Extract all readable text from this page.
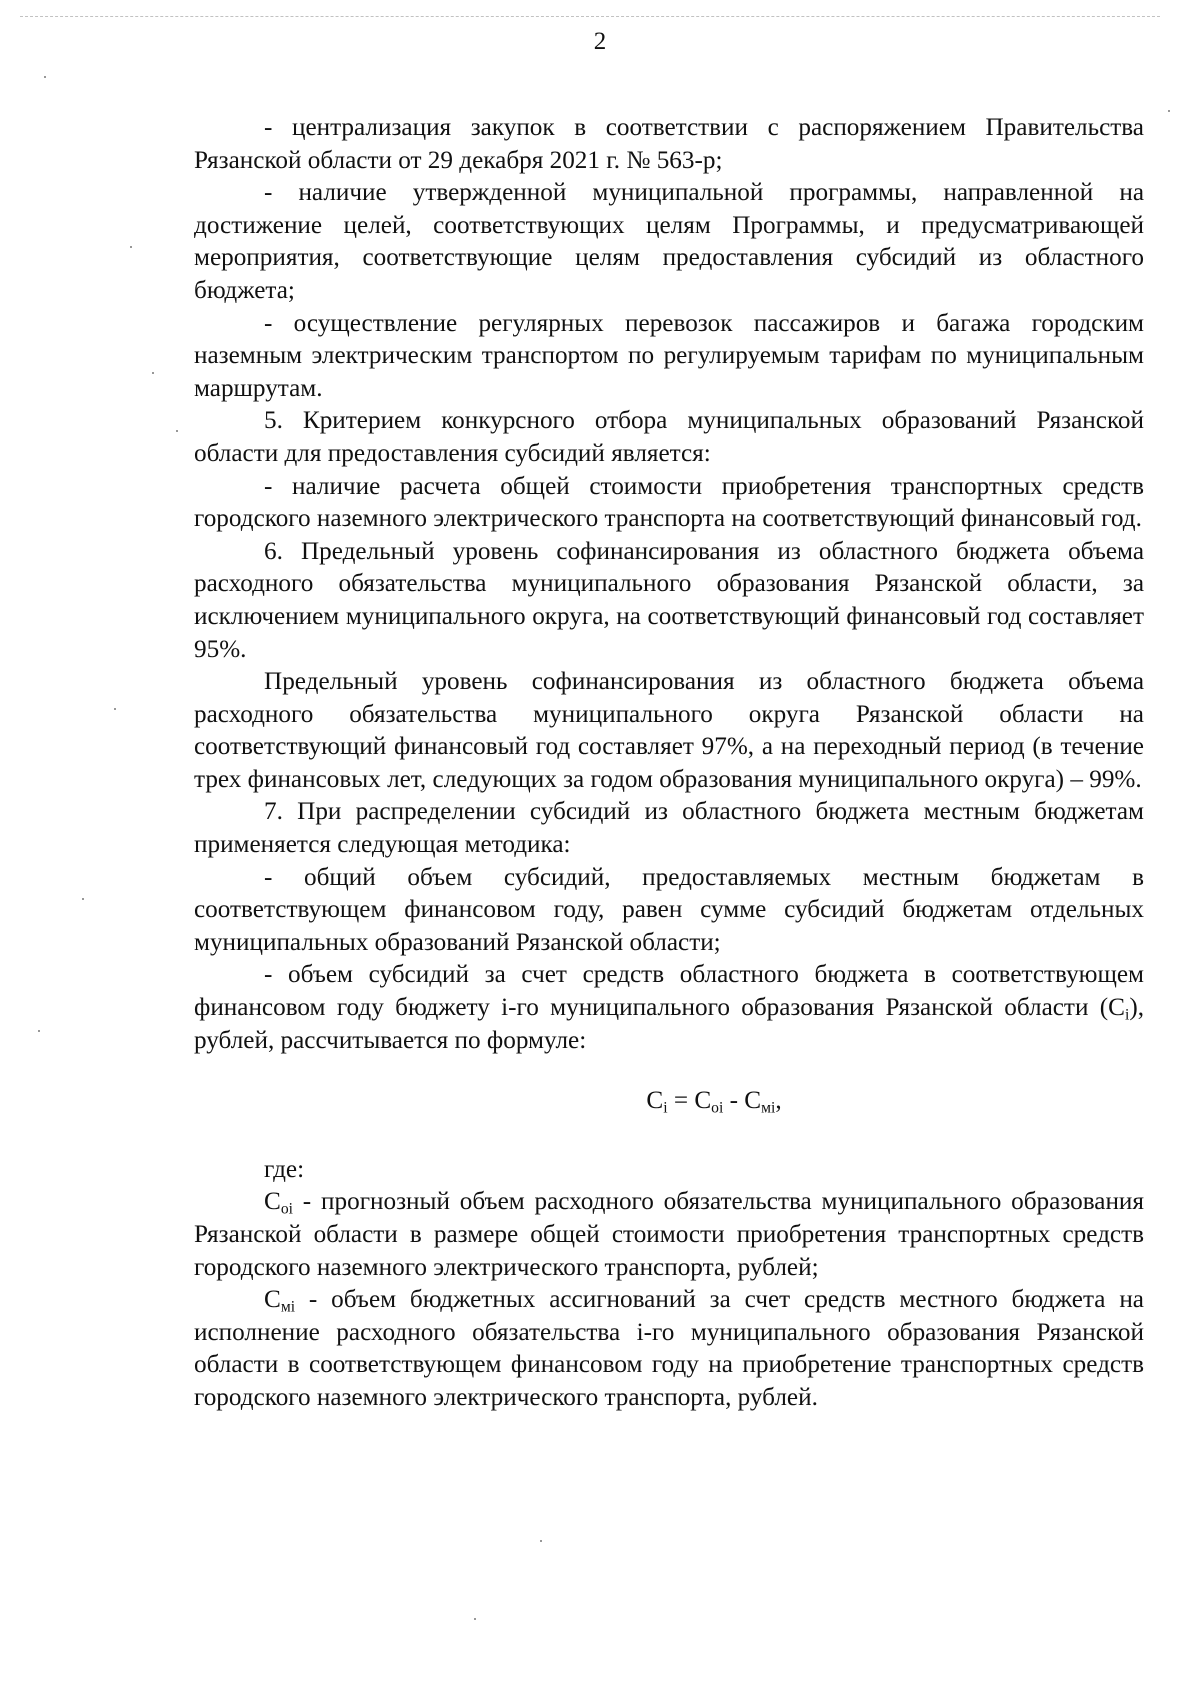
2

- централизация закупок в соответствии с распоряжением Правительства Рязанской области от 29 декабря 2021 г. № 563-р;

- наличие утвержденной муниципальной программы, направленной на достижение целей, соответствующих целям Программы, и предусматривающей мероприятия, соответствующие целям предоставления субсидий из областного бюджета;

- осуществление регулярных перевозок пассажиров и багажа городским наземным электрическим транспортом по регулируемым тарифам по муниципальным маршрутам.

5. Критерием конкурсного отбора муниципальных образований Рязанской области для предоставления субсидий является:

- наличие расчета общей стоимости приобретения транспортных средств городского наземного электрического транспорта на соответствующий финансовый год.

6. Предельный уровень софинансирования из областного бюджета объема расходного обязательства муниципального образования Рязанской области, за исключением муниципального округа, на соответствующий финансовый год составляет 95%.

Предельный уровень софинансирования из областного бюджета объема расходного обязательства муниципального округа Рязанской области на соответствующий финансовый год составляет 97%, а на переходный период (в течение трех финансовых лет, следующих за годом образования муниципального округа) – 99%.

7. При распределении субсидий из областного бюджета местным бюджетам применяется следующая методика:

- общий объем субсидий, предоставляемых местным бюджетам в соответствующем финансовом году, равен сумме субсидий бюджетам отдельных муниципальных образований Рязанской области;

- объем субсидий за счет средств областного бюджета в соответствующем финансовом году бюджету i-го муниципального образования Рязанской области $(C_i)$, рублей, рассчитывается по формуле:

$C_i = C_{oi} - C_{мi}$,

где:

$C_{oi}$ - прогнозный объем расходного обязательства муниципального образования Рязанской области в размере общей стоимости приобретения транспортных средств городского наземного электрического транспорта, рублей;

$C_{мi}$ - объем бюджетных ассигнований за счет средств местного бюджета на исполнение расходного обязательства i-го муниципального образования Рязанской области в соответствующем финансовом году на приобретение транспортных средств городского наземного электрического транспорта, рублей.
